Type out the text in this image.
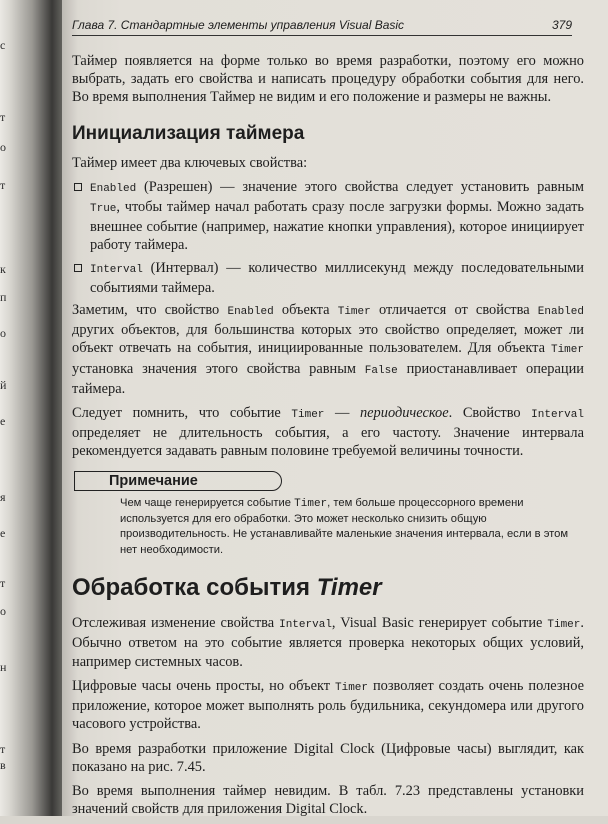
с
т
о
т
к
п
о
й
е
я
е
т
о
н
т
в
Глава 7. Стандартные элементы управления Visual Basic	379

Таймер появляется на форме только во время разработки, поэтому его можно выбрать, задать его свойства и написать процедуру обработки события для него. Во время выполнения Таймер не видим и его положение и размеры не важны.

Инициализация таймера

Таймер имеет два ключевых свойства:

Enabled (Разрешен) — значение этого свойства следует установить равным True, чтобы таймер начал работать сразу после загрузки формы. Можно задать внешнее событие (например, нажатие кнопки управления), которое инициирует работу таймера.
Interval (Интервал) — количество миллисекунд между последовательными событиями таймера.

Заметим, что свойство Enabled объекта Timer отличается от свойства Enabled других объектов, для большинства которых это свойство определяет, может ли объект отвечать на события, инициированные пользователем. Для объекта Timer установка значения этого свойства равным False приостанавливает операции таймера.

Следует помнить, что событие Timer — периодическое. Свойство Interval определяет не длительность события, а его частоту. Значение интервала рекомендуется задавать равным половине требуемой величины точности.

Примечание
Чем чаще генерируется событие Timer, тем больше процессорного времени используется для его обработки. Это может несколько снизить общую производительность. Не устанавливайте маленькие значения интервала, если в этом нет необходимости.
Обработка события Timer

Отслеживая изменение свойства Interval, Visual Basic генерирует событие Timer. Обычно ответом на это событие является проверка некоторых общих условий, например системных часов.

Цифровые часы очень просты, но объект Timer позволяет создать очень полезное приложение, которое может выполнять роль будильника, секундомера или другого часового устройства.

Во время разработки приложение Digital Clock (Цифровые часы) выглядит, как показано на рис. 7.45.

Во время выполнения таймер невидим. В табл. 7.23 представлены установки значений свойств для приложения Digital Clock.
